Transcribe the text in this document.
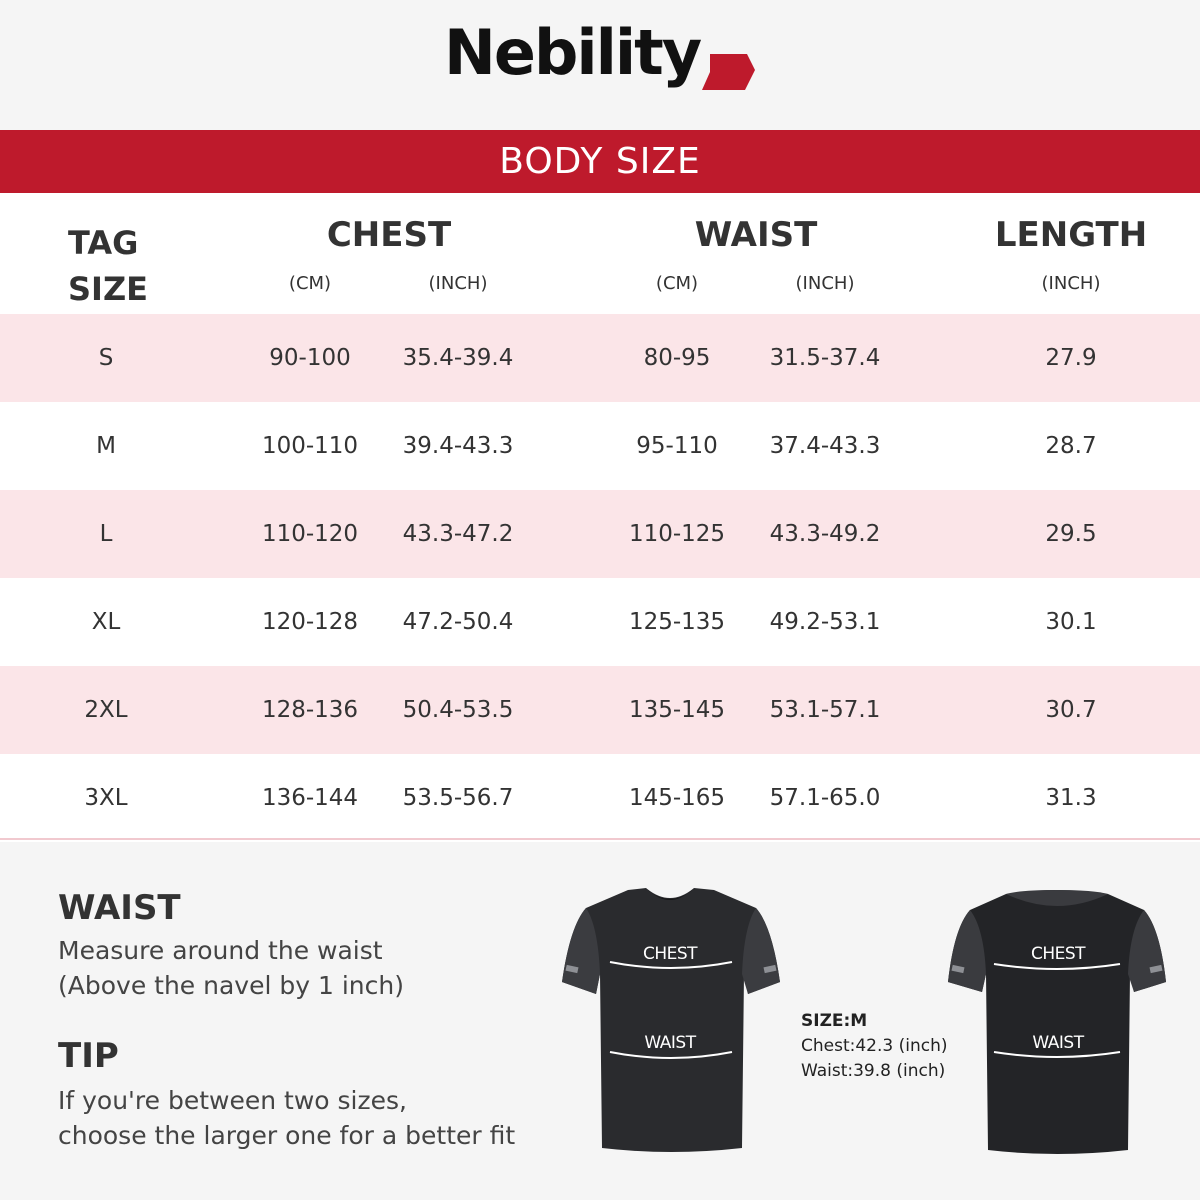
Nebility
BODY SIZE
TAG
SIZE
CHEST	WAIST	LENGTH
(CM)	(INCH)	(CM)	(INCH)	(INCH)
S	90-100 35.4-39.4	80-95	31.5-37.4	27.9
M	100-110 39.4-43.3	95-110 37.4-43.3	28.7
L	110-120 43.3-47.2	110-125 43.3-49.2	29.5
XL	120-128 47.2-50.4	125-135 49.2-53.1	30.1
2XL	128-136 50.4-53.5	135-145 53.1-57.1	30.7
3XL	136-144 53.5-56.7	145-165 57.1-65.0	31.3
WAIST
Measure around the waist
(Above the navel by 1 inch)
TIP
If you're between two sizes,
choose the larger one for a better fit
CHEST
WAIST
SIZE:M
Chest:42.3 (inch)
Waist:39.8 (inch)
CHEST
WAIST
